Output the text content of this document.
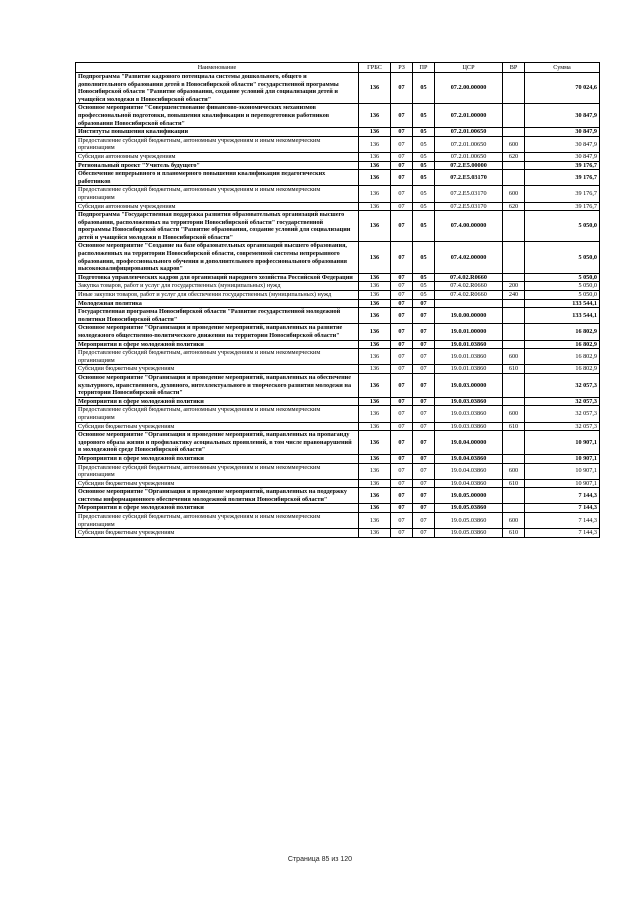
Наименование	ГРБС	РЗ	ПР	ЦСР	ВР	Сумма
Подпрограмма "Развитие кадрового потенциала системы дошкольного, общего и дополнительного образования детей в Новосибирской области" государственной программы Новосибирской области "Развитие образования, создание условий для социализации детей и учащейся молодежи в Новосибирской области"	136	07	05	07.2.00.00000		70 024,6
Основное мероприятие "Совершенствование финансово-экономических механизмов профессиональной подготовки, повышения квалификации и переподготовки работников образования Новосибирской области"	136	07	05	07.2.01.00000		30 847,9
Институты повышения квалификации	136	07	05	07.2.01.00650		30 847,9
Предоставление субсидий бюджетным, автономным учреждениям и иным некоммерческим организациям	136	07	05	07.2.01.00650	600	30 847,9
Субсидии автономным учреждениям	136	07	05	07.2.01.00650	620	30 847,9
Региональный проект "Учитель будущего"	136	07	05	07.2.E5.00000		39 176,7
Обеспечение непрерывного и планомерного повышения квалификации педагогических работников	136	07	05	07.2.E5.03170		39 176,7
Предоставление субсидий бюджетным, автономным учреждениям и иным некоммерческим организациям	136	07	05	07.2.E5.03170	600	39 176,7
Субсидии автономным учреждениям	136	07	05	07.2.E5.03170	620	39 176,7
Подпрограмма "Государственная поддержка развития образовательных организаций высшего образования, расположенных на территории Новосибирской области" государственной программы Новосибирской области "Развитие образования, создание условий для социализации детей и учащейся молодежи в Новосибирской области"	136	07	05	07.4.00.00000		5 050,0
Основное мероприятие "Создание на базе образовательных организаций высшего образования, расположенных на территории Новосибирской области, современной системы непрерывного образования, профессионального обучения и дополнительного профессионального образования высококвалифицированных кадров"	136	07	05	07.4.02.00000		5 050,0
Подготовка управленческих кадров для организаций народного хозяйства Российской Федерации	136	07	05	07.4.02.R0660		5 050,0
Закупка товаров, работ и услуг для государственных (муниципальных) нужд	136	07	05	07.4.02.R0660	200	5 050,0
Иные закупки товаров, работ и услуг для обеспечения государственных (муниципальных) нужд	136	07	05	07.4.02.R0660	240	5 050,0
Молодежная политика	136	07	07			133 544,1
Государственная программа Новосибирской области "Развитие государственной молодежной политики Новосибирской области"	136	07	07	19.0.00.00000		133 544,1
Основное мероприятие "Организация и проведение мероприятий, направленных на развитие молодежного общественно-политического движения на территории Новосибирской области"	136	07	07	19.0.01.00000		16 802,9
Мероприятия в сфере молодежной политики	136	07	07	19.0.01.03860		16 802,9
Предоставление субсидий бюджетным, автономным учреждениям и иным некоммерческим организациям	136	07	07	19.0.01.03860	600	16 802,9
Субсидии бюджетным учреждениям	136	07	07	19.0.01.03860	610	16 802,9
Основное мероприятие "Организация и проведение мероприятий, направленных на обеспечение культурного, нравственного, духовного, интеллектуального и творческого развития молодежи на территории Новосибирской области"	136	07	07	19.0.03.00000		32 057,3
Мероприятия в сфере молодежной политики	136	07	07	19.0.03.03860		32 057,3
Предоставление субсидий бюджетным, автономным учреждениям и иным некоммерческим организациям	136	07	07	19.0.03.03860	600	32 057,3
Субсидии бюджетным учреждениям	136	07	07	19.0.03.03860	610	32 057,3
Основное мероприятие "Организация и проведение мероприятий, направленных на пропаганду здорового образа жизни и профилактику асоциальных проявлений, в том числе правонарушений в молодежной среде Новосибирской области"	136	07	07	19.0.04.00000		10 907,1
Мероприятия в сфере молодежной политики	136	07	07	19.0.04.03860		10 907,1
Предоставление субсидий бюджетным, автономным учреждениям и иным некоммерческим организациям	136	07	07	19.0.04.03860	600	10 907,1
Субсидии бюджетным учреждениям	136	07	07	19.0.04.03860	610	10 907,1
Основное мероприятие "Организация и проведение мероприятий, направленных на поддержку системы информационного обеспечения молодежной политики Новосибирской области"	136	07	07	19.0.05.00000		7 144,3
Мероприятия в сфере молодежной политики	136	07	07	19.0.05.03860		7 144,3
Предоставление субсидий бюджетным, автономным учреждениям и иным некоммерческим организациям	136	07	07	19.0.05.03860	600	7 144,3
Субсидии бюджетным учреждениям	136	07	07	19.0.05.03860	610	7 144,3
Страница 85 из 120
